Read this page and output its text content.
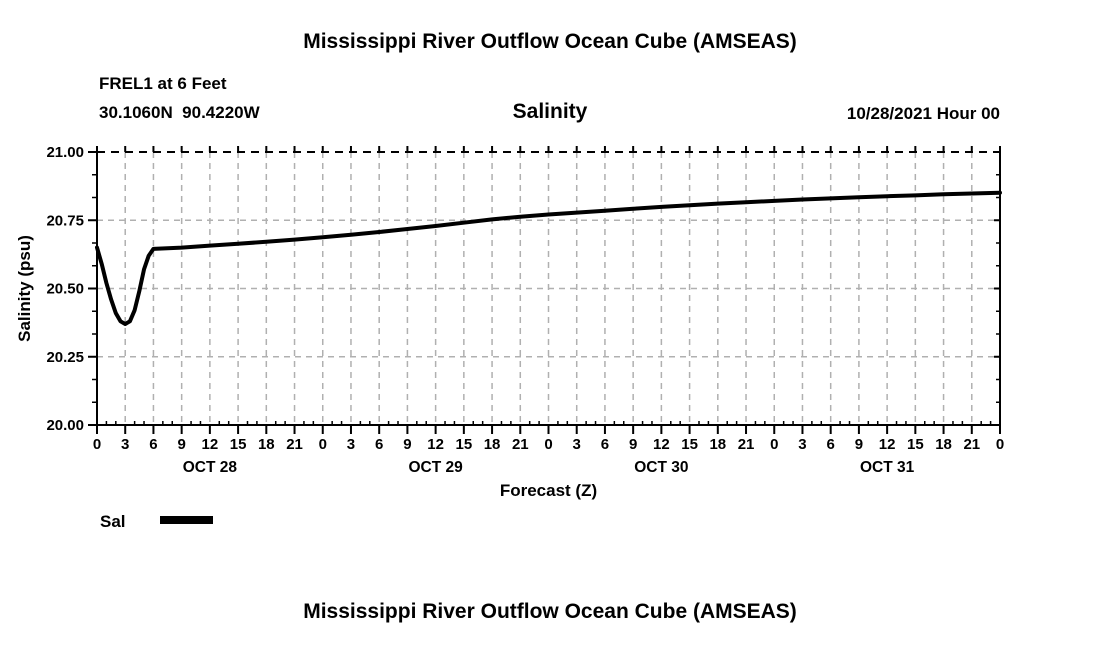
Mississippi River Outflow Ocean Cube (AMSEAS)
FREL1 at 6 Feet
30.1060N  90.4220W	Salinity	10/28/2021 Hour 00
20.00
20.25
20.50
20.75
21.00
0 3 6 9 12 15 18 21 0 3 6 9 12 15 18 21 0 3 6 9 12 15 18 21 0 3 6 9 12 15 18 21 0
OCT 28	OCT 29	OCT 30	OCT 31
Forecast (Z)
Salinity (psu)
Sal
Mississippi River Outflow Ocean Cube (AMSEAS)
